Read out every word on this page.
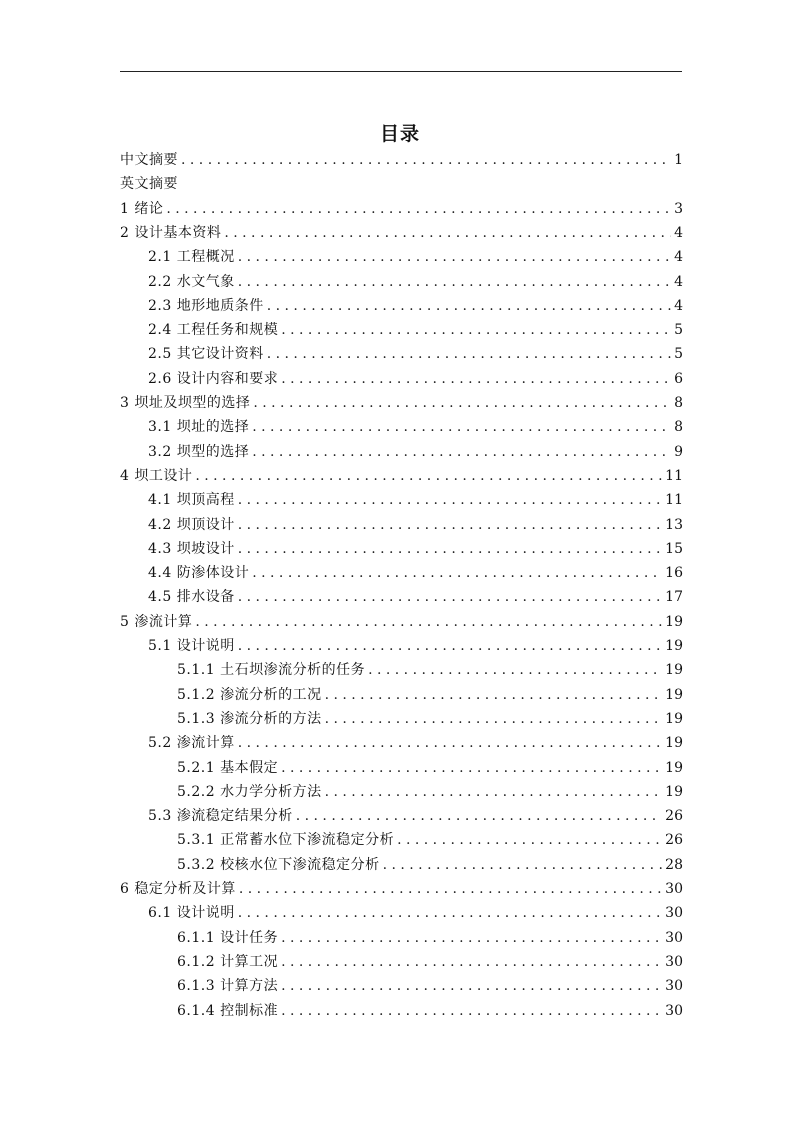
目录
中文摘要 . . .	1
英文摘要
1 绪论 . . .	3
2 设计基本资料 . . .	4
2.1 工程概况 . . .	4
2.2 水文气象 . . .	4
2.3 地形地质条件 . . .	4
2.4 工程任务和规模 . . .	5
2.5 其它设计资料 . . .	5
2.6 设计内容和要求 . . .	6
3 坝址及坝型的选择 . . .	8
3.1 坝址的选择 . . .	8
3.2 坝型的选择 . . .	9
4 坝工设计 . . .	11
4.1 坝顶高程 . . .	11
4.2 坝顶设计 . . .	13
4.3 坝坡设计 . . .	15
4.4 防渗体设计 . . .	16
4.5 排水设备 . . .	17
5 渗流计算 . . .	19
5.1 设计说明 . . .	19
5.1.1 土石坝渗流分析的任务 . . .	19
5.1.2 渗流分析的工况 . . .	19
5.1.3 渗流分析的方法 . . .	19
5.2 渗流计算 . . .	19
5.2.1 基本假定 . . .	19
5.2.2 水力学分析方法 . . .	19
5.3 渗流稳定结果分析 . . .	26
5.3.1 正常蓄水位下渗流稳定分析 . . .	26
5.3.2 校核水位下渗流稳定分析 . . .	28
6 稳定分析及计算 . . .	30
6.1 设计说明 . . .	30
6.1.1 设计任务 . . .	30
6.1.2 计算工况 . . .	30
6.1.3 计算方法 . . .	30
6.1.4 控制标准 . . .	30
